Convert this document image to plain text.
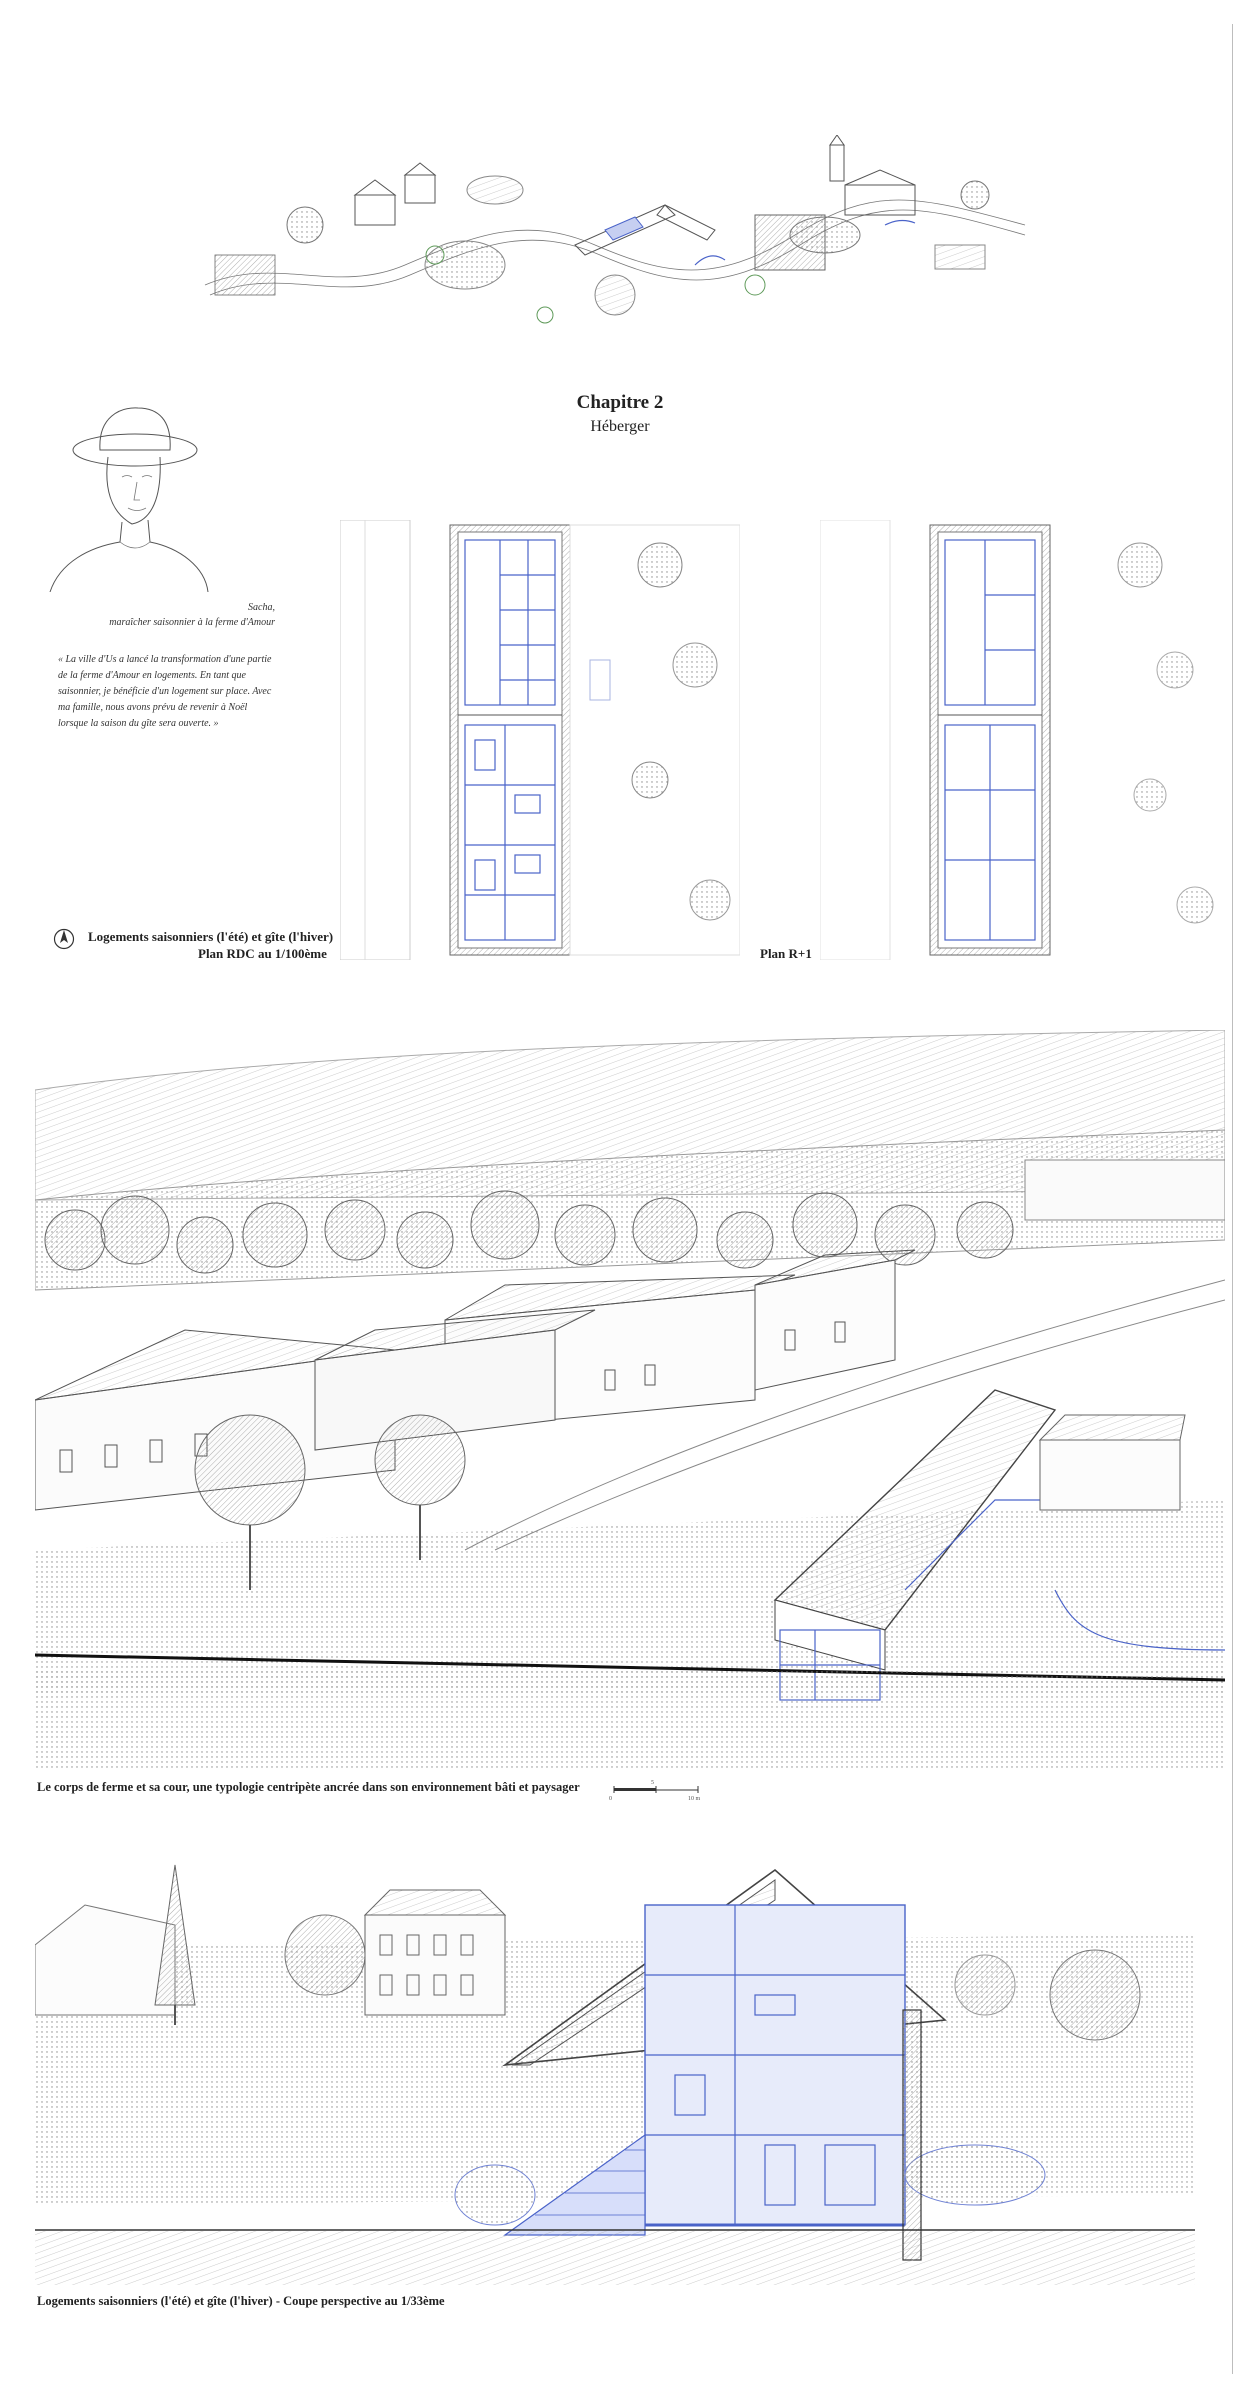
Chapitre 2
Héberger
Sacha,
maraîcher saisonnier à la ferme d'Amour
« La ville d'Us a lancé la transformation d'une partie de la ferme d'Amour en logements. En tant que saisonnier, je bénéficie d'un logement sur place. Avec ma famille, nous avons prévu de revenir à Noël lorsque la saison du gîte sera ouverte. »
Logements saisonniers (l'été) et gîte (l'hiver)
Plan RDC au 1/100ème	Plan R+1
Le corps de ferme et sa cour, une typologie centripète ancrée dans son environnement bâti et paysager
0
5
10 m
Logements saisonniers (l'été) et gîte (l'hiver) - Coupe perspective au 1/33ème
